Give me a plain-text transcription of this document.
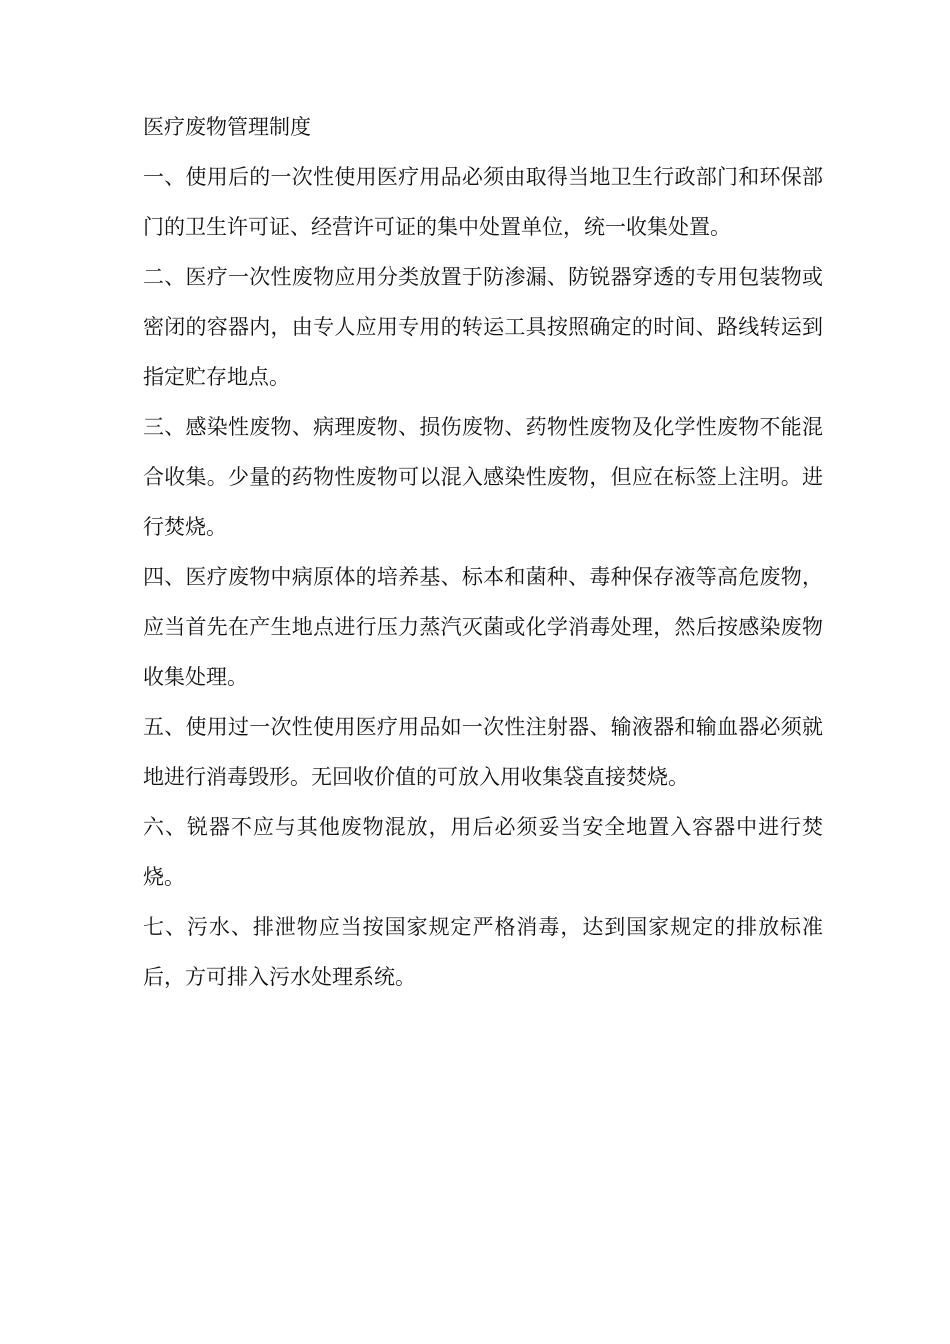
医疗废物管理制度

一、使用后的一次性使用医疗用品必须由取得当地卫生行政部门和环保部门的卫生许可证、经营许可证的集中处置单位，统一收集处置。

二、医疗一次性废物应用分类放置于防渗漏、防锐器穿透的专用包装物或密闭的容器内，由专人应用专用的转运工具按照确定的时间、路线转运到指定贮存地点。

三、感染性废物、病理废物、损伤废物、药物性废物及化学性废物不能混合收集。少量的药物性废物可以混入感染性废物，但应在标签上注明。进行焚烧。

四、医疗废物中病原体的培养基、标本和菌种、毒种保存液等高危废物，应当首先在产生地点进行压力蒸汽灭菌或化学消毒处理，然后按感染废物收集处理。

五、使用过一次性使用医疗用品如一次性注射器、输液器和输血器必须就地进行消毒毁形。无回收价值的可放入用收集袋直接焚烧。

六、锐器不应与其他废物混放，用后必须妥当安全地置入容器中进行焚烧。

七、污水、排泄物应当按国家规定严格消毒，达到国家规定的排放标准后，方可排入污水处理系统。
